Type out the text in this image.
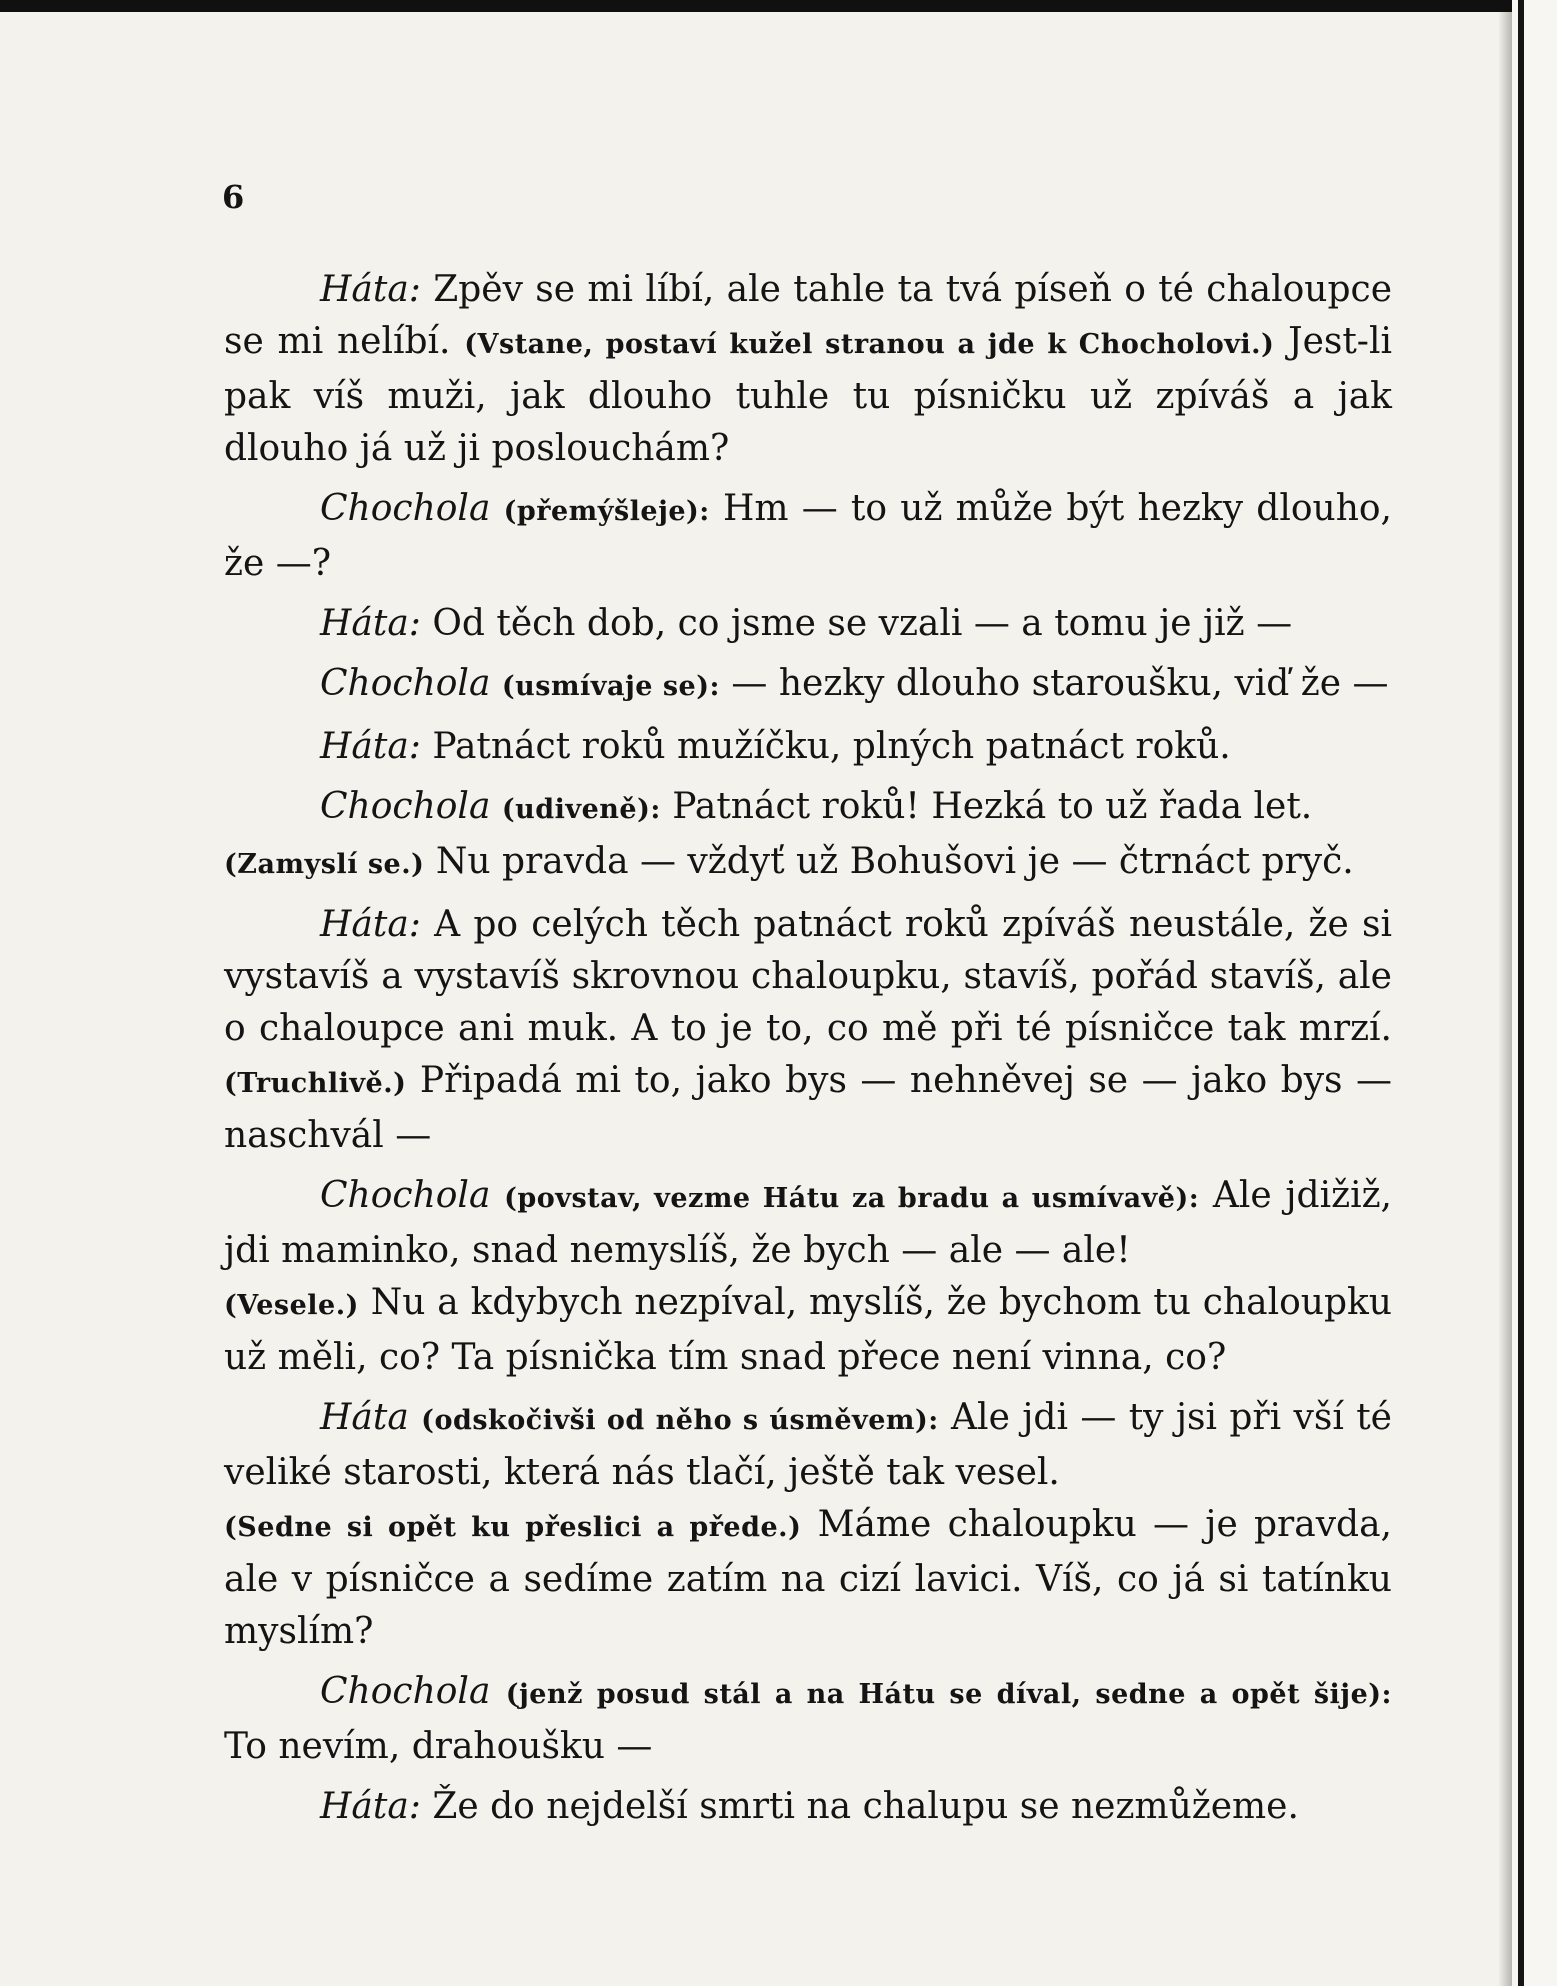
6

Háta: Zpěv se mi líbí, ale tahle ta tvá píseň o té chaloupce se mi nelíbí. (Vstane, postaví kužel stranou a jde k Chocholovi.) Jest-li pak víš muži, jak dlouho tuhle tu písničku už zpíváš a jak dlouho já už ji poslouchám?

Chochola (přemýšleje): Hm — to už může být hezky dlouho, že —?

Háta: Od těch dob, co jsme se vzali — a tomu je již —

Chochola (usmívaje se): — hezky dlouho staroušku, viď že —

Háta: Patnáct roků mužíčku, plných patnáct roků.

Chochola (udiveně): Patnáct roků! Hezká to už řada let.

(Zamyslí se.) Nu pravda — vždyť už Bohušovi je — čtrnáct pryč.

Háta: A po celých těch patnáct roků zpíváš neustále, že si vystavíš a vystavíš skrovnou chaloupku, stavíš, pořád stavíš, ale o chaloupce ani muk. A to je to, co mě při té písničce tak mrzí. (Truchlivě.) Připadá mi to, jako bys — nehněvej se — jako bys — naschvál —

Chochola (povstav, vezme Hátu za bradu a usmívavě): Ale jdižiž, jdi maminko, snad nemyslíš, že bych — ale — ale!

(Vesele.) Nu a kdybych nezpíval, myslíš, že bychom tu chaloupku už měli, co? Ta písnička tím snad přece není vinna, co?

Háta (odskočivši od něho s úsměvem): Ale jdi — ty jsi při vší té veliké starosti, která nás tlačí, ještě tak vesel.

(Sedne si opět ku přeslici a přede.) Máme chaloupku — je pravda, ale v písničce a sedíme zatím na cizí lavici. Víš, co já si tatínku myslím?

Chochola (jenž posud stál a na Hátu se díval, sedne a opět šije): To nevím, drahoušku —

Háta: Že do nejdelší smrti na chalupu se nezmůžeme.
